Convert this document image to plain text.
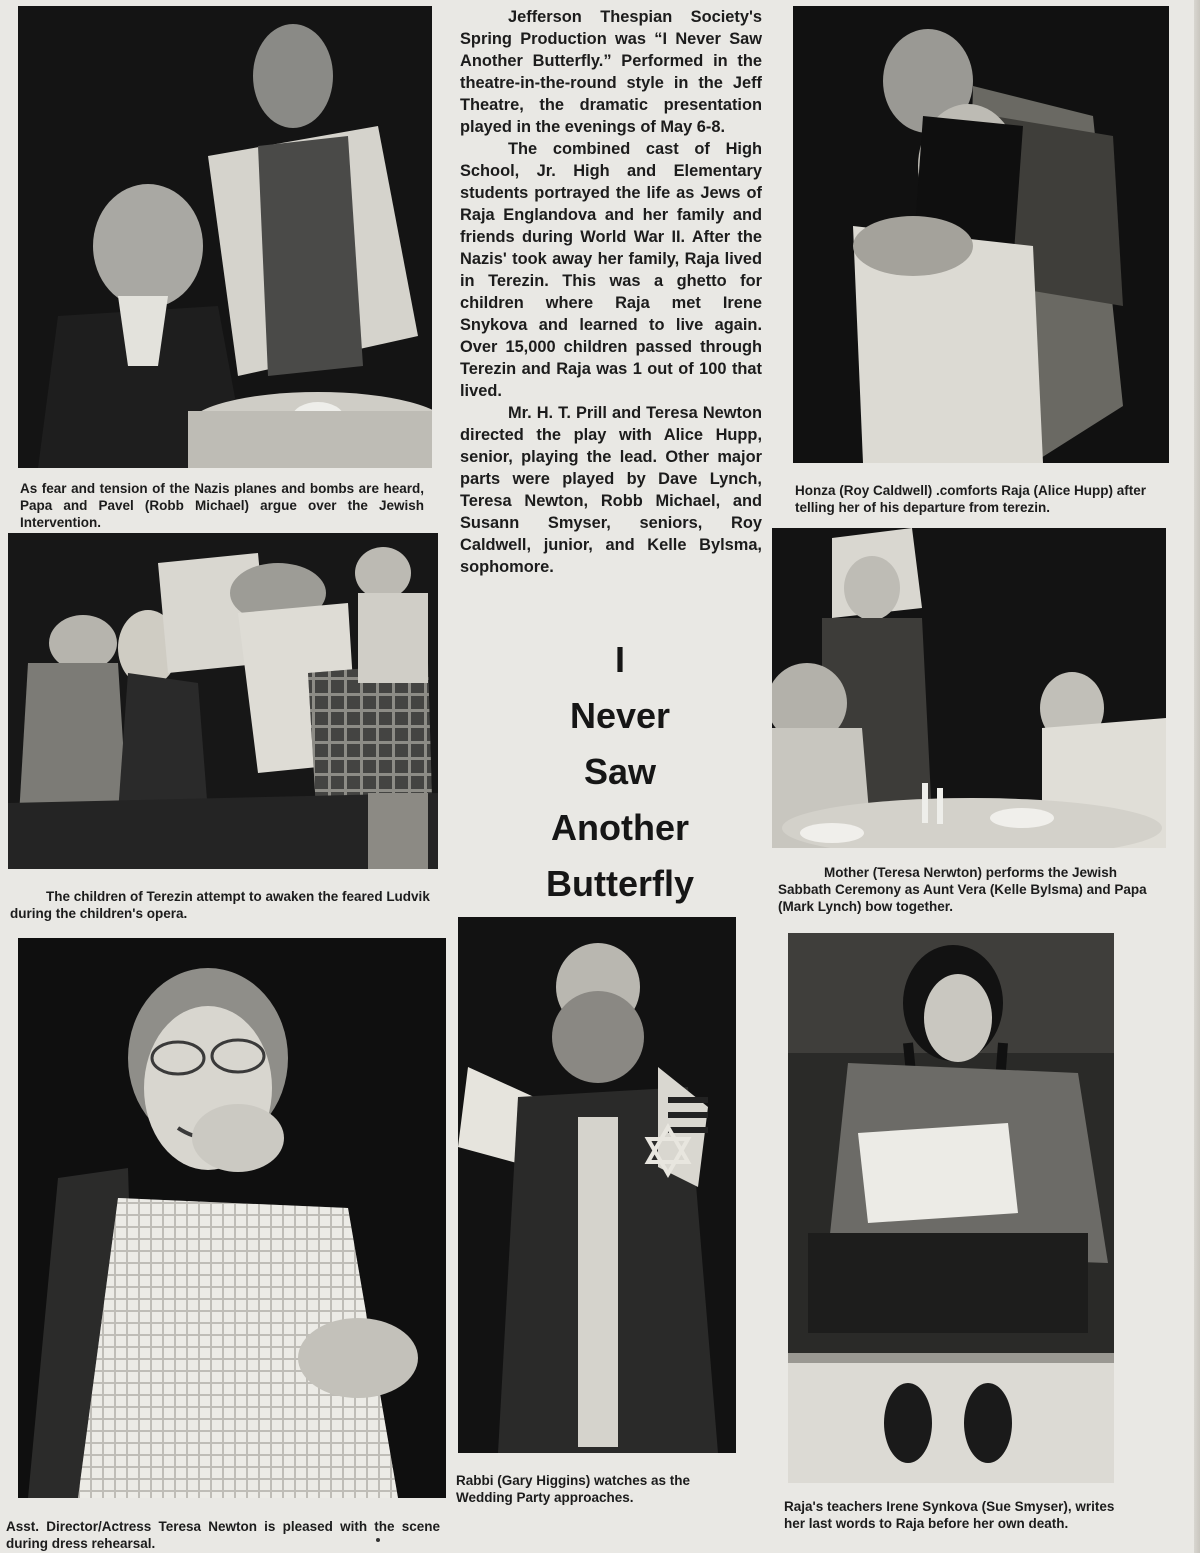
As fear and tension of the Nazis planes and bombs are heard, Papa and Pavel (Robb Michael) argue over the Jewish Intervention.

Honza (Roy Caldwell) .comforts Raja (Alice Hupp) after telling her of his departure from terezin.

The children of Terezin attempt to awaken the feared Ludvik during the children's opera.

Mother (Teresa Nerwton) performs the Jewish Sabbath Ceremony as Aunt Vera (Kelle Bylsma) and Papa (Mark Lynch) bow together.

Asst. Director/Actress Teresa Newton is pleased with the scene during dress rehearsal.

Rabbi (Gary Higgins) watches as the Wedding Party approaches.

Raja's teachers Irene Synkova (Sue Smyser), writes her last words to Raja before her own death.

Jefferson Thespian Society's Spring Production was “I Never Saw Another Butterfly.” Performed in the theatre-in-the-round style in the Jeff Theatre, the dramatic presentation played in the evenings of May 6-8.

The combined cast of High School, Jr. High and Elementary students portrayed the life as Jews of Raja Englandova and her family and friends during World War II. After the Nazis' took away her family, Raja lived in Terezin. This was a ghetto for children where Raja met Irene Snykova and learned to live again. Over 15,000 children passed through Terezin and Raja was 1 out of 100 that lived.

Mr. H. T. Prill and Teresa Newton directed the play with Alice Hupp, senior, playing the lead. Other major parts were played by Dave Lynch, Teresa Newton, Robb Michael, and Susann Smyser, seniors, Roy Caldwell, junior, and Kelle Bylsma, sophomore.

I
Never
Saw
Another
Butterfly
